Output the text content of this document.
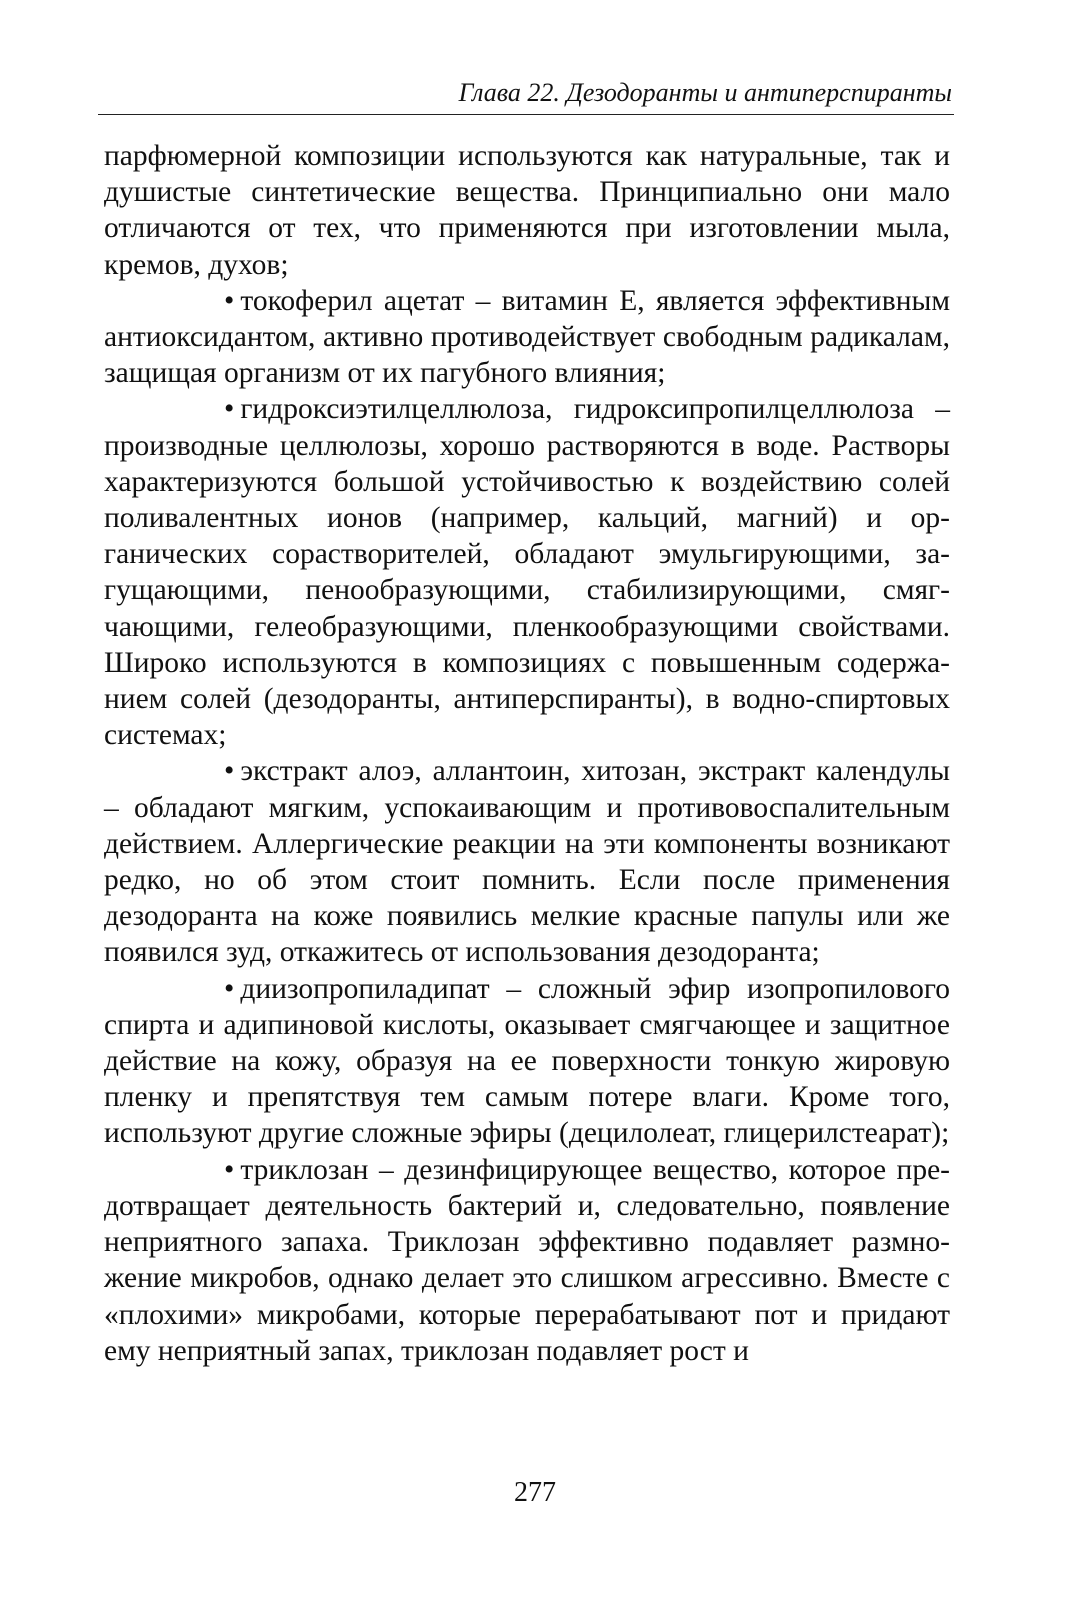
Глава 22. Дезодоранты и антиперспиранты

парфюмерной композиции используются как натуральные, так и душистые синтетические вещества. Принципиально они мало отличаются от тех, что применяются при изготовлении мыла, кремов, духов;

• токоферил ацетат – витамин Е, является эффективным антиоксидантом, активно противодействует свободным радикалам, защищая организм от их пагубного влияния;

• гидроксиэтилцеллюлоза, гидроксипропилцеллюлоза – производные целлюлозы, хорошо растворяются в воде. Растворы характеризуются большой устойчивостью к воздействию солей поливалентных ионов (например, кальций, магний) и органических сорастворителей, обладают эмульгирующими, загущающими, пенообразующими, стабилизирующими, смягчающими, гелеобразующими, пленкообразующими свойствами. Широко используются в композициях с повышенным содержанием солей (дезодоранты, антиперспиранты), в водно-спиртовых системах;

• экстракт алоэ, аллантоин, хитозан, экстракт календулы – обладают мягким, успокаивающим и противовоспалительным действием. Аллергические реакции на эти компоненты возникают редко, но об этом стоит помнить. Если после применения дезодоранта на коже появились мелкие красные папулы или же появился зуд, откажитесь от использования дезодоранта;

• диизопропиладипат – сложный эфир изопропилового спирта и адипиновой кислоты, оказывает смягчающее и защитное действие на кожу, образуя на ее поверхности тонкую жировую пленку и препятствуя тем самым потере влаги. Кроме того, используют другие сложные эфиры (децилолеат, глицерилстеарат);

• триклозан – дезинфицирующее вещество, которое предотвращает деятельность бактерий и, следовательно, появление неприятного запаха. Триклозан эффективно подавляет размножение микробов, однако делает это слишком агрессивно. Вместе с «плохими» микробами, которые перерабатывают пот и придают ему неприятный запах, триклозан подавляет рост и

277
